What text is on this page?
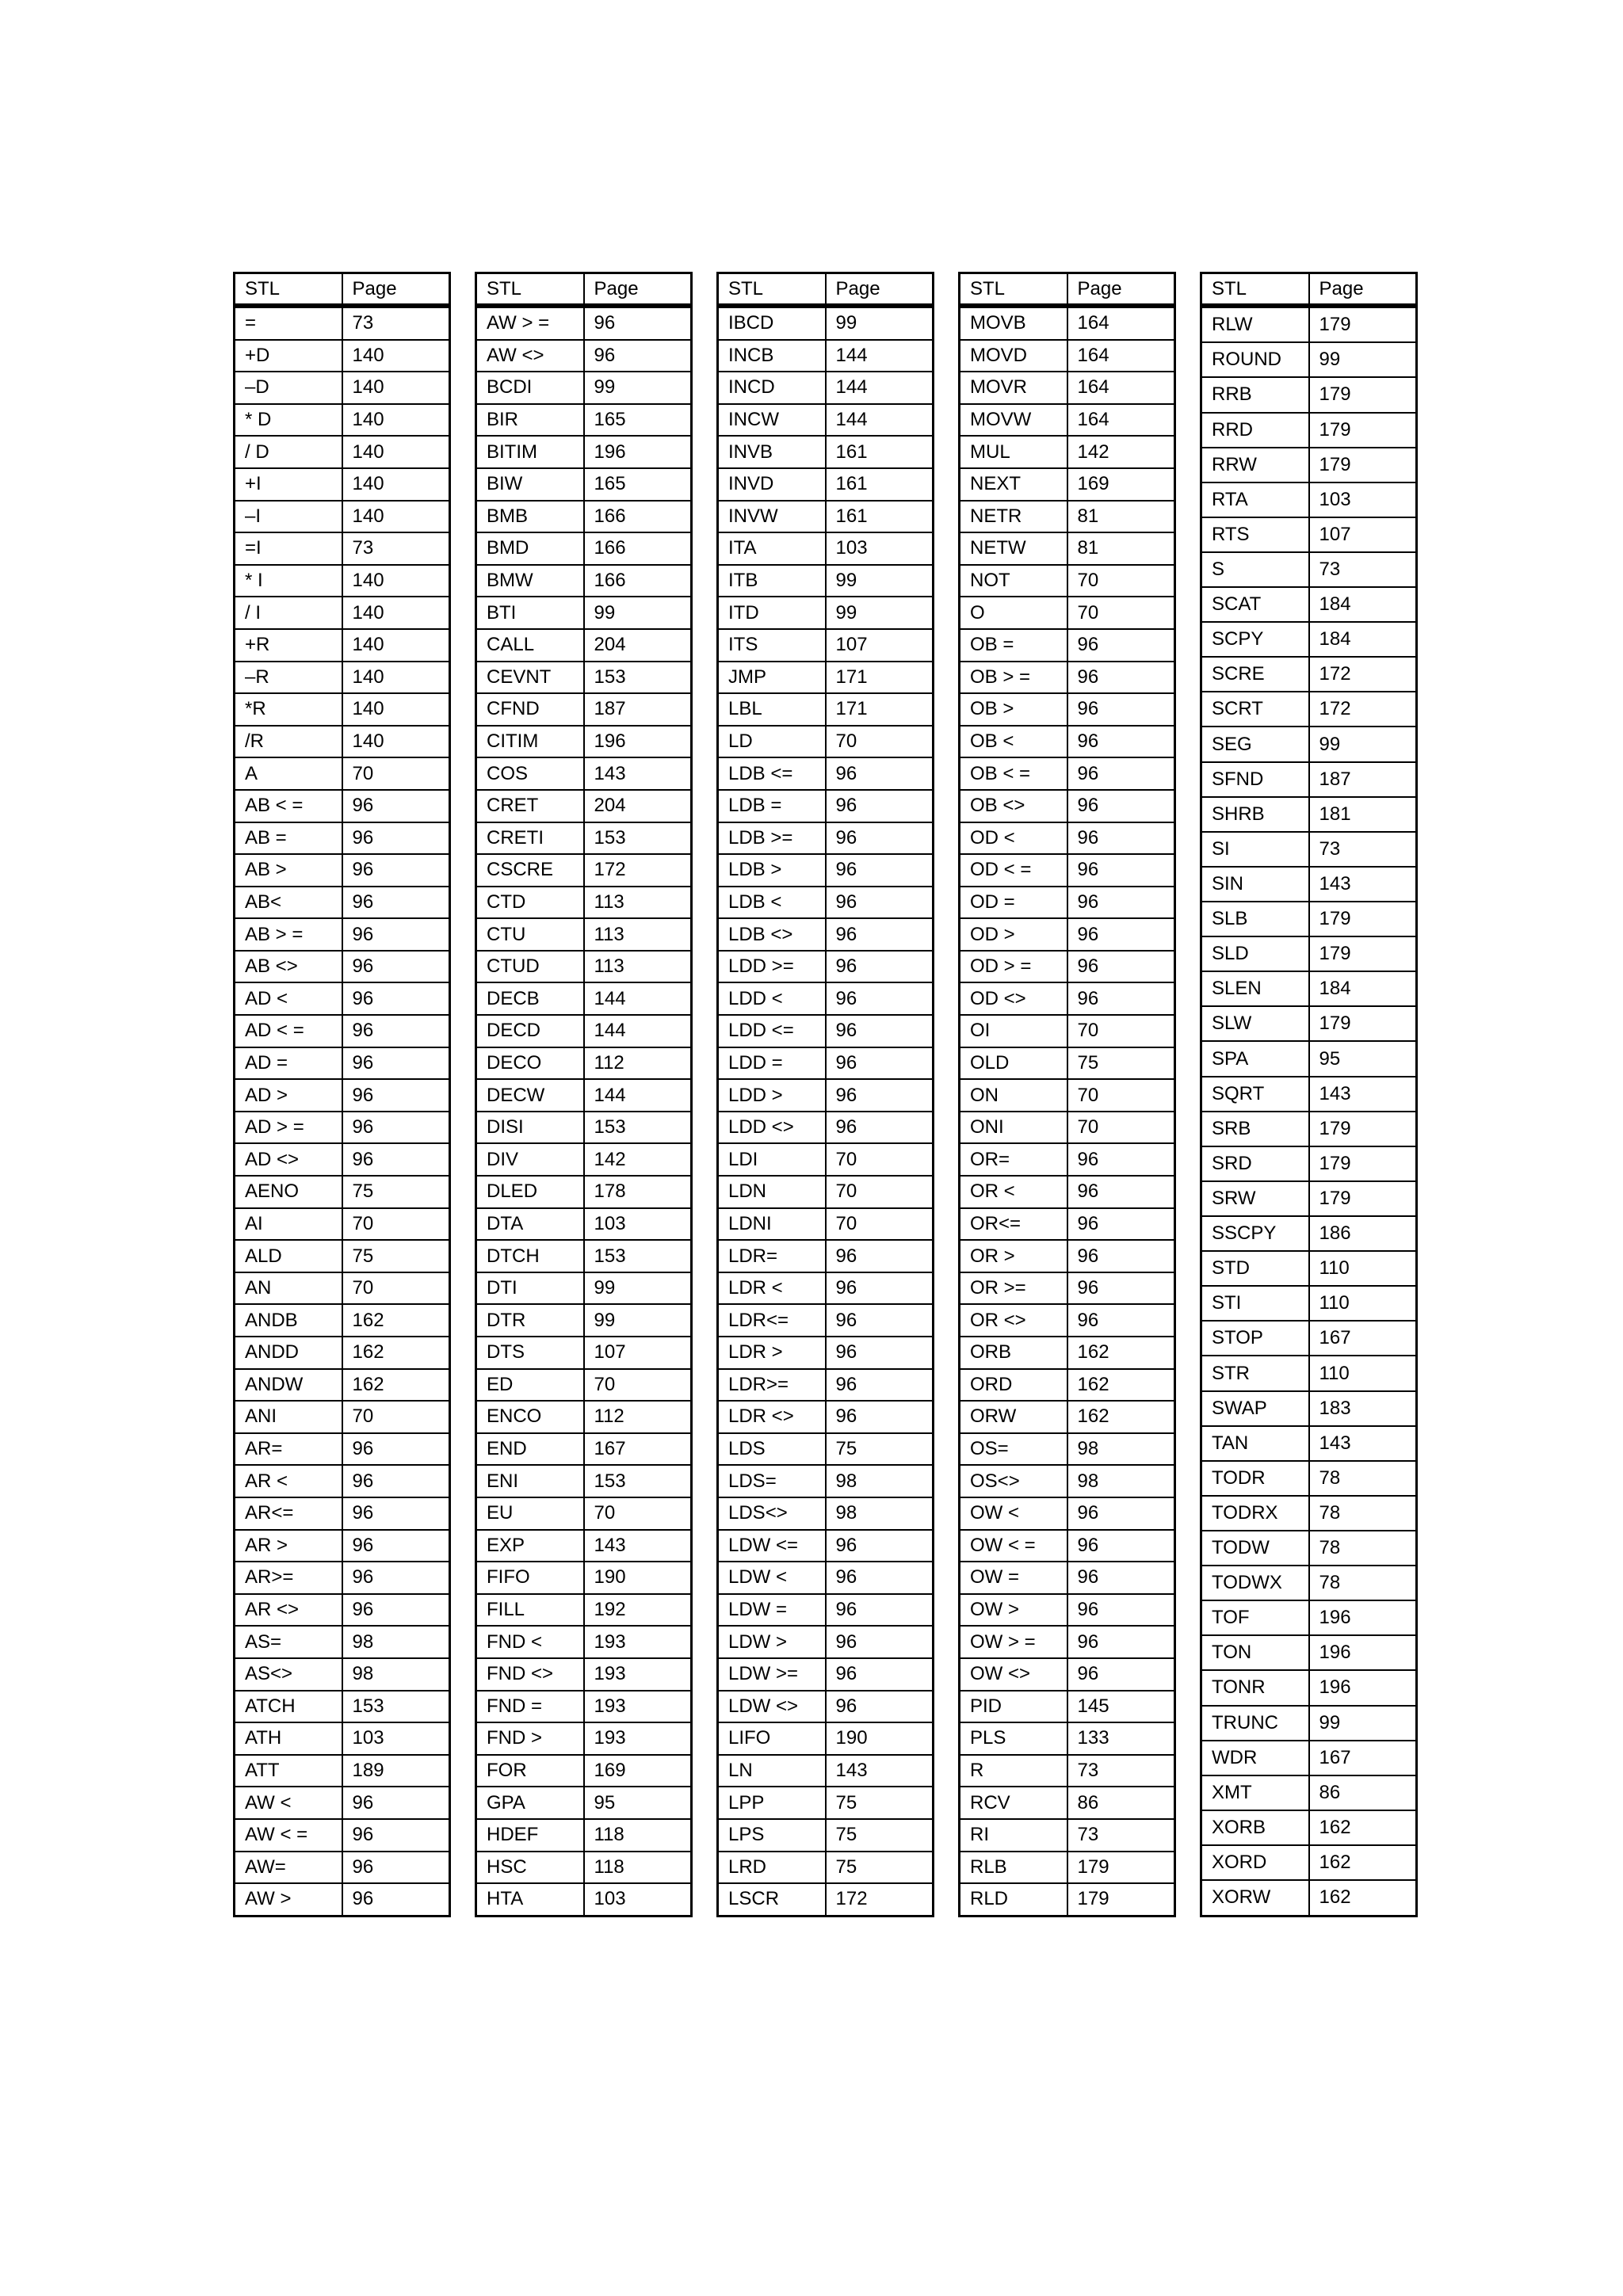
STL	Page
=	73
+D	140
–D	140
* D	140
/ D	140
+I	140
–I	140
=I	73
* I	140
/ I	140
+R	140
–R	140
*R	140
/R	140
A	70
AB < =	96
AB =	96
AB >	96
AB<	96
AB > =	96
AB <>	96
AD <	96
AD < =	96
AD =	96
AD >	96
AD > =	96
AD <>	96
AENO	75
AI	70
ALD	75
AN	70
ANDB	162
ANDD	162
ANDW	162
ANI	70
AR=	96
AR <	96
AR<=	96
AR >	96
AR>=	96
AR <>	96
AS=	98
AS<>	98
ATCH	153
ATH	103
ATT	189
AW <	96
AW < =	96
AW=	96
AW >	96
STL	Page
AW > =	96
AW <>	96
BCDI	99
BIR	165
BITIM	196
BIW	165
BMB	166
BMD	166
BMW	166
BTI	99
CALL	204
CEVNT	153
CFND	187
CITIM	196
COS	143
CRET	204
CRETI	153
CSCRE	172
CTD	113
CTU	113
CTUD	113
DECB	144
DECD	144
DECO	112
DECW	144
DISI	153
DIV	142
DLED	178
DTA	103
DTCH	153
DTI	99
DTR	99
DTS	107
ED	70
ENCO	112
END	167
ENI	153
EU	70
EXP	143
FIFO	190
FILL	192
FND <	193
FND <>	193
FND =	193
FND >	193
FOR	169
GPA	95
HDEF	118
HSC	118
HTA	103
STL	Page
IBCD	99
INCB	144
INCD	144
INCW	144
INVB	161
INVD	161
INVW	161
ITA	103
ITB	99
ITD	99
ITS	107
JMP	171
LBL	171
LD	70
LDB <=	96
LDB =	96
LDB >=	96
LDB >	96
LDB <	96
LDB <>	96
LDD >=	96
LDD <	96
LDD <=	96
LDD =	96
LDD >	96
LDD <>	96
LDI	70
LDN	70
LDNI	70
LDR=	96
LDR <	96
LDR<=	96
LDR >	96
LDR>=	96
LDR <>	96
LDS	75
LDS=	98
LDS<>	98
LDW <=	96
LDW <	96
LDW =	96
LDW >	96
LDW >=	96
LDW <>	96
LIFO	190
LN	143
LPP	75
LPS	75
LRD	75
LSCR	172
STL	Page
MOVB	164
MOVD	164
MOVR	164
MOVW	164
MUL	142
NEXT	169
NETR	81
NETW	81
NOT	70
O	70
OB =	96
OB > =	96
OB >	96
OB <	96
OB < =	96
OB <>	96
OD <	96
OD < =	96
OD =	96
OD >	96
OD > =	96
OD <>	96
OI	70
OLD	75
ON	70
ONI	70
OR=	96
OR <	96
OR<=	96
OR >	96
OR >=	96
OR <>	96
ORB	162
ORD	162
ORW	162
OS=	98
OS<>	98
OW <	96
OW < =	96
OW =	96
OW >	96
OW > =	96
OW <>	96
PID	145
PLS	133
R	73
RCV	86
RI	73
RLB	179
RLD	179
STL	Page
RLW	179
ROUND	99
RRB	179
RRD	179
RRW	179
RTA	103
RTS	107
S	73
SCAT	184
SCPY	184
SCRE	172
SCRT	172
SEG	99
SFND	187
SHRB	181
SI	73
SIN	143
SLB	179
SLD	179
SLEN	184
SLW	179
SPA	95
SQRT	143
SRB	179
SRD	179
SRW	179
SSCPY	186
STD	110
STI	110
STOP	167
STR	110
SWAP	183
TAN	143
TODR	78
TODRX	78
TODW	78
TODWX	78
TOF	196
TON	196
TONR	196
TRUNC	99
WDR	167
XMT	86
XORB	162
XORD	162
XORW	162
